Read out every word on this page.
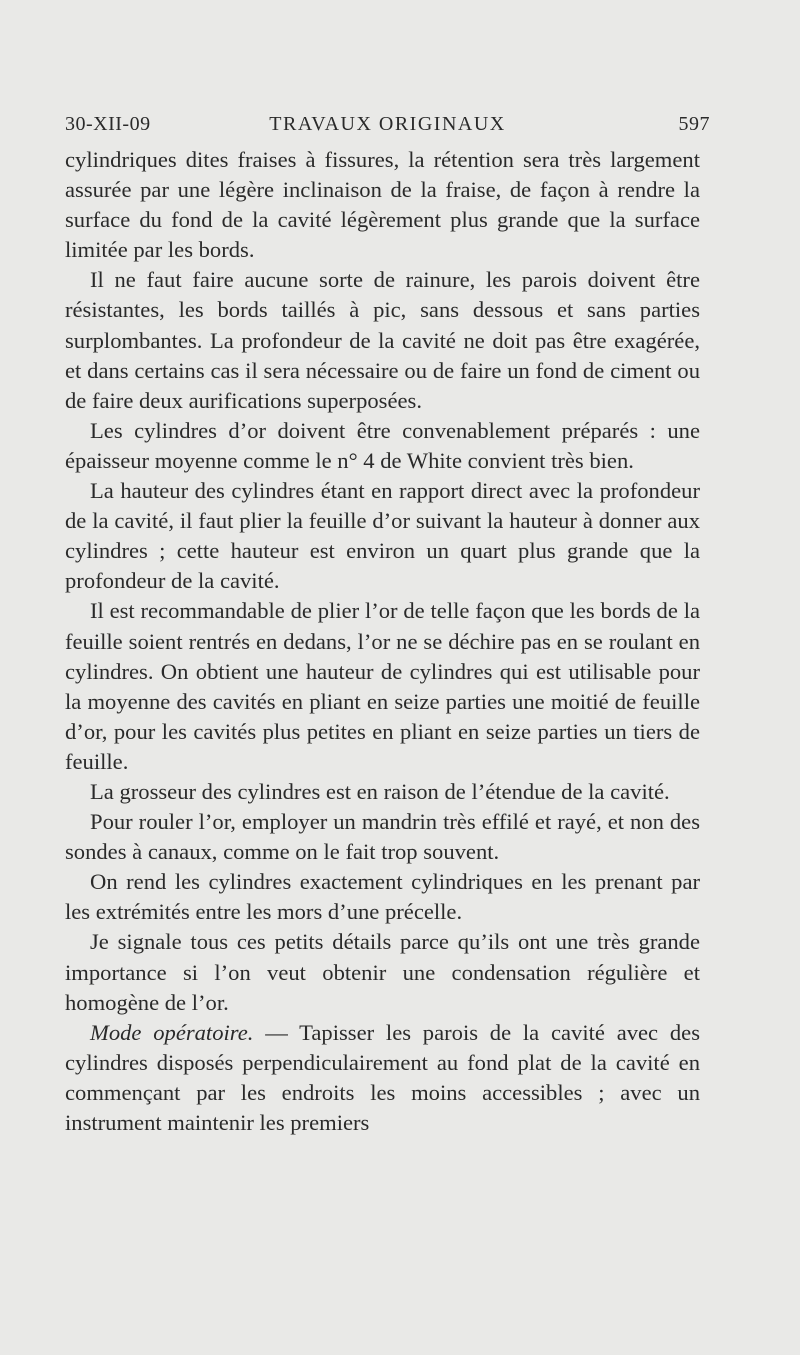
30-XII-09	TRAVAUX ORIGINAUX	597

cylindriques dites fraises à fissures, la rétention sera très largement assurée par une légère inclinaison de la fraise, de façon à rendre la surface du fond de la cavité légèrement plus grande que la surface limitée par les bords.

Il ne faut faire aucune sorte de rainure, les parois doivent être résistantes, les bords taillés à pic, sans dessous et sans parties surplombantes. La profondeur de la cavité ne doit pas être exagérée, et dans certains cas il sera nécessaire ou de faire un fond de ciment ou de faire deux aurifications superposées.

Les cylindres d’or doivent être convenablement préparés : une épaisseur moyenne comme le n° 4 de White convient très bien.

La hauteur des cylindres étant en rapport direct avec la profondeur de la cavité, il faut plier la feuille d’or suivant la hauteur à donner aux cylindres ; cette hauteur est environ un quart plus grande que la profondeur de la cavité.

Il est recommandable de plier l’or de telle façon que les bords de la feuille soient rentrés en dedans, l’or ne se déchire pas en se roulant en cylindres. On obtient une hauteur de cylindres qui est utilisable pour la moyenne des cavités en pliant en seize parties une moitié de feuille d’or, pour les cavités plus petites en pliant en seize parties un tiers de feuille.

La grosseur des cylindres est en raison de l’étendue de la cavité.

Pour rouler l’or, employer un mandrin très effilé et rayé, et non des sondes à canaux, comme on le fait trop souvent.

On rend les cylindres exactement cylindriques en les prenant par les extrémités entre les mors d’une précelle.

Je signale tous ces petits détails parce qu’ils ont une très grande importance si l’on veut obtenir une condensation régulière et homogène de l’or.

Mode opératoire. — Tapisser les parois de la cavité avec des cylindres disposés perpendiculairement au fond plat de la cavité en commençant par les endroits les moins accessibles ; avec un instrument maintenir les premiers
